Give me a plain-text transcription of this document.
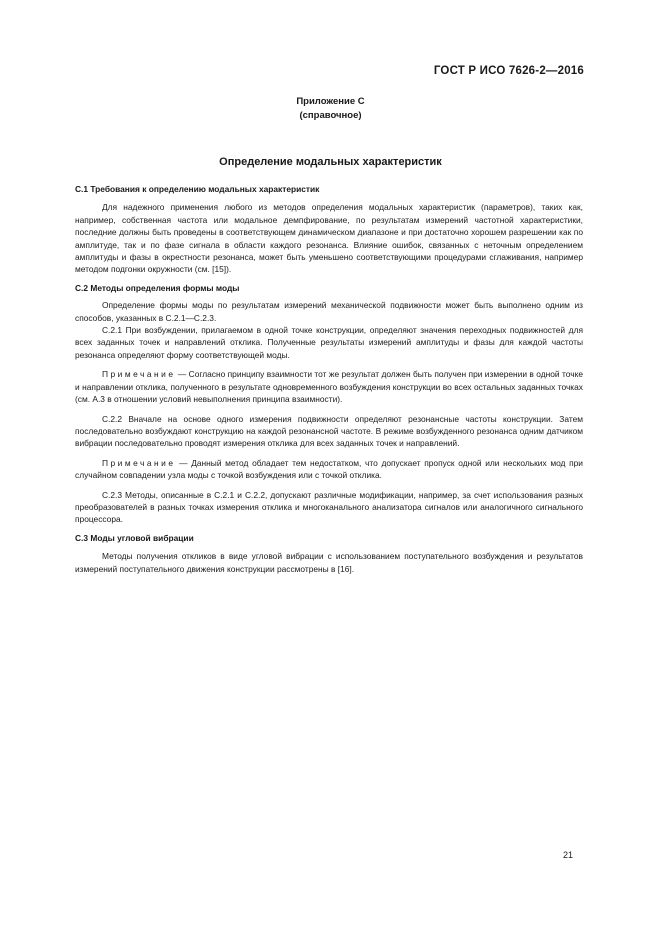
ГОСТ Р ИСО 7626-2—2016
Приложение С
(справочное)
Определение модальных характеристик

С.1 Требования к определению модальных характеристик

Для надежного применения любого из методов определения модальных характеристик (параметров), таких как, например, собственная частота или модальное демпфирование, по результатам измерений частотной характеристики, последние должны быть проведены в соответствующем динамическом диапазоне и при достаточно хорошем разрешении как по амплитуде, так и по фазе сигнала в области каждого резонанса. Влияние ошибок, связанных с неточным определением амплитуды и фазы в окрестности резонанса, может быть уменьшено соответствующими процедурами сглаживания, например методом подгонки окружности (см. [15]).

С.2 Методы определения формы моды

Определение формы моды по результатам измерений механической подвижности может быть выполнено одним из способов, указанных в С.2.1—С.2.3.

С.2.1 При возбуждении, прилагаемом в одной точке конструкции, определяют значения переходных подвижностей для всех заданных точек и направлений отклика. Полученные результаты измерений амплитуды и фазы для каждой частоты резонанса определяют форму соответствующей моды.

Примечание — Согласно принципу взаимности тот же результат должен быть получен при измерении в одной точке и направлении отклика, полученного в результате одновременного возбуждения конструкции во всех остальных заданных точках (см. А.3 в отношении условий невыполнения принципа взаимности).

С.2.2 Вначале на основе одного измерения подвижности определяют резонансные частоты конструкции. Затем последовательно возбуждают конструкцию на каждой резонансной частоте. В режиме возбужденного резонанса одним датчиком вибрации последовательно проводят измерения отклика для всех заданных точек и направлений.

Примечание — Данный метод обладает тем недостатком, что допускает пропуск одной или нескольких мод при случайном совпадении узла моды с точкой возбуждения или с точкой отклика.

С.2.3 Методы, описанные в С.2.1 и С.2.2, допускают различные модификации, например, за счет использования разных преобразователей в разных точках измерения отклика и многоканального анализатора сигналов или аналогичного сигнального процессора.

С.3 Моды угловой вибрации

Методы получения откликов в виде угловой вибрации с использованием поступательного возбуждения и результатов измерений поступательного движения конструкции рассмотрены в [16].

21
